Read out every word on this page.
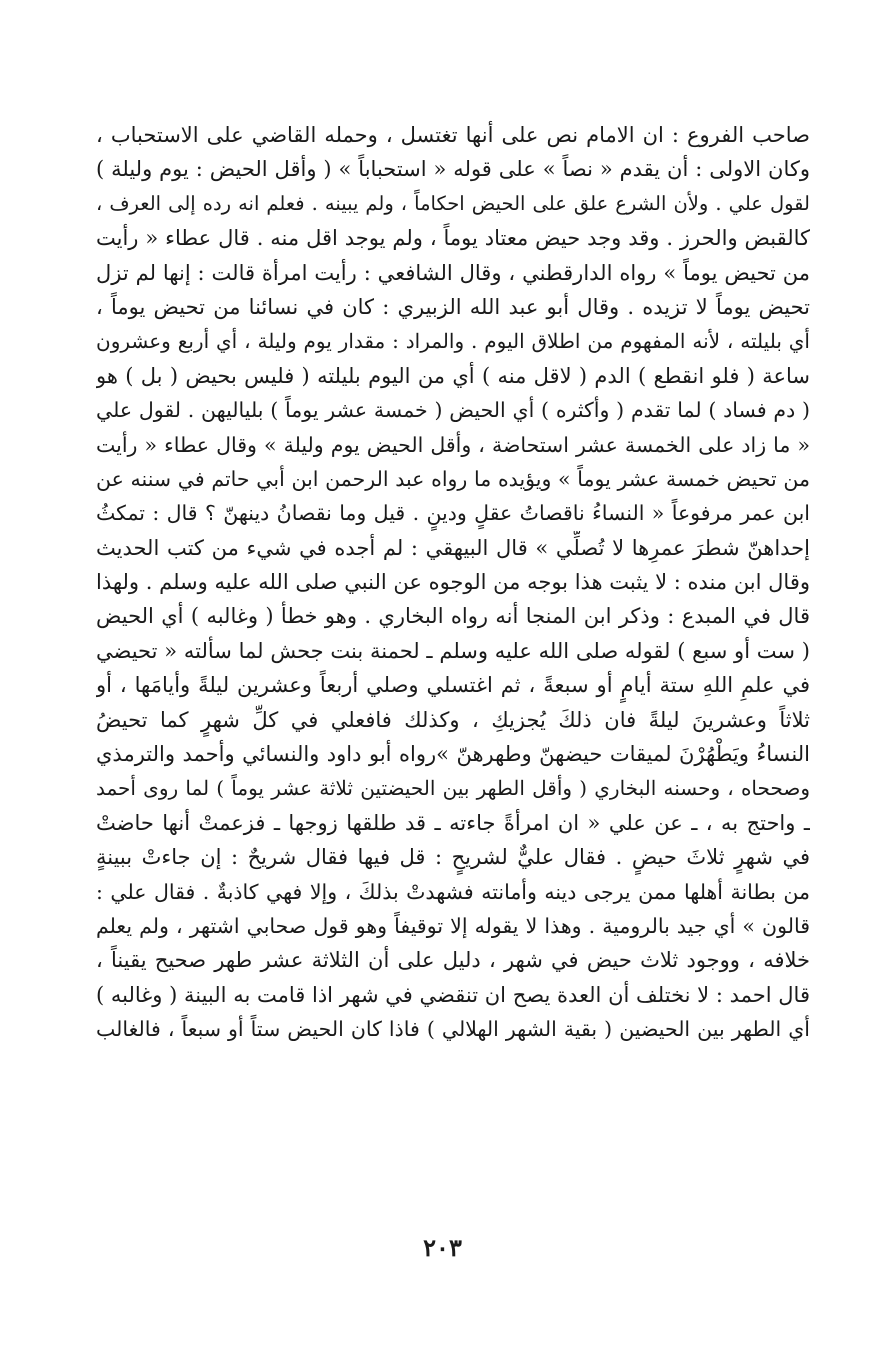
صاحب الفروع : ان الامام نص على أنها تغتسل ، وحمله القاضي على الاستحباب ،
وكان الاولى : أن يقدم « نصاً » على قوله « استحباباً » ( وأقل الحيض : يوم وليلة )
لقول علي . ولأن الشرع علق على الحيض احكاماً ، ولم يبينه . فعلم انه رده إلى العرف ،
كالقبض والحرز . وقد وجد حيض معتاد يوماً ، ولم يوجد اقل منه . قال عطاء « رأيت
من تحيض يوماً » رواه الدارقطني ، وقال الشافعي : رأيت امرأة قالت : إنها لم تزل
تحيض يوماً لا تزيده . وقال أبو عبد الله الزبيري : كان في نسائنا من تحيض يوماً ،
أي بليلته ، لأنه المفهوم من اطلاق اليوم . والمراد : مقدار يوم وليلة ، أي أربع وعشرون
ساعة ( فلو انقطع ) الدم ( لاقل منه ) أي من اليوم بليلته ( فليس بحيض ( بل ) هو
( دم فساد ) لما تقدم ( وأكثره ) أي الحيض ( خمسة عشر يوماً ) بلياليهن . لقول علي
« ما زاد على الخمسة عشر استحاضة ، وأقل الحيض يوم وليلة » وقال عطاء « رأيت
من تحيض خمسة عشر يوماً » ويؤيده ما رواه عبد الرحمن ابن أبي حاتم في سننه عن
ابن عمر مرفوعاً « النساءُ ناقصاتُ عقلٍ ودينٍ . قيل وما نقصانُ دينهنّ ؟ قال : تمكثُ
إحداهنّ شطرَ عمرِها لا تُصلِّي » قال البيهقي : لم أجده في شيء من كتب الحديث
وقال ابن منده : لا يثبت هذا بوجه من الوجوه عن النبي صلى الله عليه وسلم . ولهذا
قال في المبدع : وذكر ابن المنجا أنه رواه البخاري . وهو خطأ ( وغالبه ) أي الحيض
( ست أو سبع ) لقوله صلى الله عليه وسلم ـ لحمنة بنت جحش لما سألته « تحيضي
في علمِ اللهِ ستة أيامٍ أو سبعةً ، ثم اغتسلي وصلي أربعاً وعشرين ليلةً وأيامَها ، أو
ثلاثاً وعشرينَ ليلةً فان ذلكَ يُجزيكِ ، وكذلك فافعلي في كلِّ شهرٍ كما تحيضُ
النساءُ ويَطْهُرْنَ لميقات حيضهنّ وطهرهنّ »رواه أبو داود والنسائي وأحمد والترمذي
وصححاه ، وحسنه البخاري ( وأقل الطهر بين الحيضتين ثلاثة عشر يوماً ) لما روى أحمد
ـ واحتج به ، ـ عن علي « ان امرأةً جاءته ـ قد طلقها زوجها ـ فزعمتْ أنها حاضتْ
في شهرٍ ثلاثَ حيضٍ . فقال عليٌّ لشريحٍ : قل فيها فقال شريحٌ : إن جاءتْ ببينةٍ
من بطانة أهلها ممن يرجى دينه وأمانته فشهدتْ بذلكَ ، وإلا فهي كاذبةٌ . فقال علي :
قالون » أي جيد بالرومية . وهذا لا يقوله إلا توقيفاً وهو قول صحابي اشتهر ، ولم يعلم
خلافه ، ووجود ثلاث حيض في شهر ، دليل على أن الثلاثة عشر طهر صحيح يقيناً ،
قال احمد : لا نختلف أن العدة يصح ان تنقضي في شهر اذا قامت به البينة ( وغالبه )
أي الطهر بين الحيضين ( بقية الشهر الهلالي ) فاذا كان الحيض ستاً أو سبعاً ، فالغالب
٢٠٣
